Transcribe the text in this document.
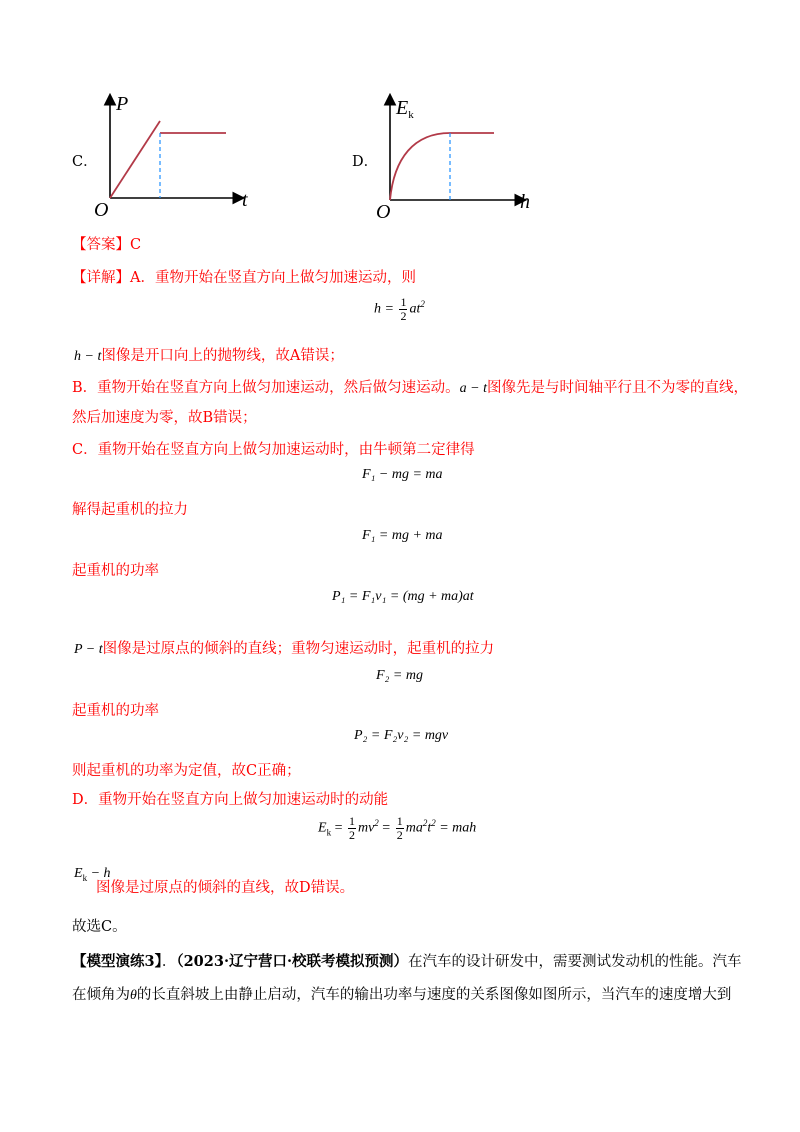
C．
P
t
O
D．
$E_k$
h
O
【答案】C
【详解】A．重物开始在竖直方向上做匀加速运动，则
$h = \frac{1}{2} at^2$
h − t图像是开口向上的抛物线，故A错误；
B．重物开始在竖直方向上做匀加速运动，然后做匀速运动。a − t图像先是与时间轴平行且不为零的直线，
然后加速度为零，故B错误；
C．重物开始在竖直方向上做匀加速运动时，由牛顿第二定律得
F₁ − mg = ma
解得起重机的拉力
F₁ = mg + ma
起重机的功率
P₁ = F₁v₁ = (mg + ma)at
P − t图像是过原点的倾斜的直线；重物匀速运动时，起重机的拉力
F₂ = mg
起重机的功率
P₂ = F₂v₂ = mgv
则起重机的功率为定值，故C正确；
D．重物开始在竖直方向上做匀加速运动时的动能
$E_k = \frac{1}{2} mv^2 = \frac{1}{2} ma^2t^2$ = mah
$E_k - h$
图像是过原点的倾斜的直线，故D错误。
故选C。
【模型演练3】．（2023·辽宁营口·校联考模拟预测）在汽车的设计研发中，需要测试发动机的性能。汽车
在倾角为θ的长直斜坡上由静止启动，汽车的输出功率与速度的关系图像如图所示，当汽车的速度增大到
